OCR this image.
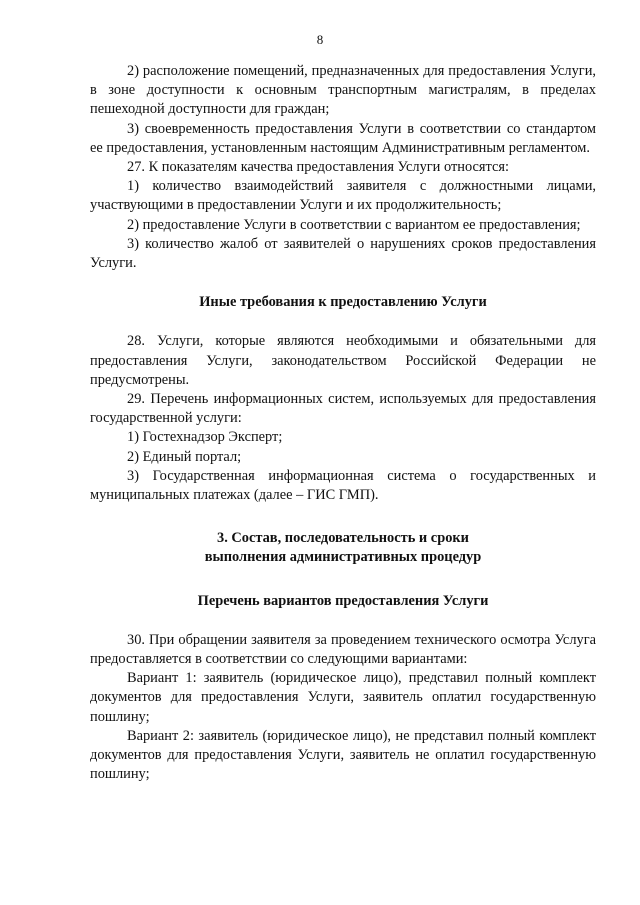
8

2) расположение помещений, предназначенных для предоставления Услуги, в зоне доступности к основным транспортным магистралям, в пределах пешеходной доступности для граждан;

3) своевременность предоставления Услуги в соответствии со стандартом ее предоставления, установленным настоящим Административным регламентом.

27. К показателям качества предоставления Услуги относятся:

1) количество взаимодействий заявителя с должностными лицами, участвующими в предоставлении Услуги и их продолжительность;

2) предоставление Услуги в соответствии с вариантом ее предоставления;

3) количество жалоб от заявителей о нарушениях сроков предоставления Услуги.

Иные требования к предоставлению Услуги

28. Услуги, которые являются необходимыми и обязательными для предоставления Услуги, законодательством Российской Федерации не предусмотрены.

29. Перечень информационных систем, используемых для предоставления государственной услуги:

1) Гостехнадзор Эксперт;

2) Единый портал;

3) Государственная информационная система о государственных и муниципальных платежах (далее – ГИС ГМП).

3. Состав, последовательность и сроки

выполнения административных процедур

Перечень вариантов предоставления Услуги

30. При обращении заявителя за проведением технического осмотра Услуга предоставляется в соответствии со следующими вариантами:

Вариант 1: заявитель (юридическое лицо), представил полный комплект документов для предоставления Услуги, заявитель оплатил государственную пошлину;

Вариант 2: заявитель (юридическое лицо), не представил полный комплект документов для предоставления Услуги, заявитель не оплатил государственную пошлину;
